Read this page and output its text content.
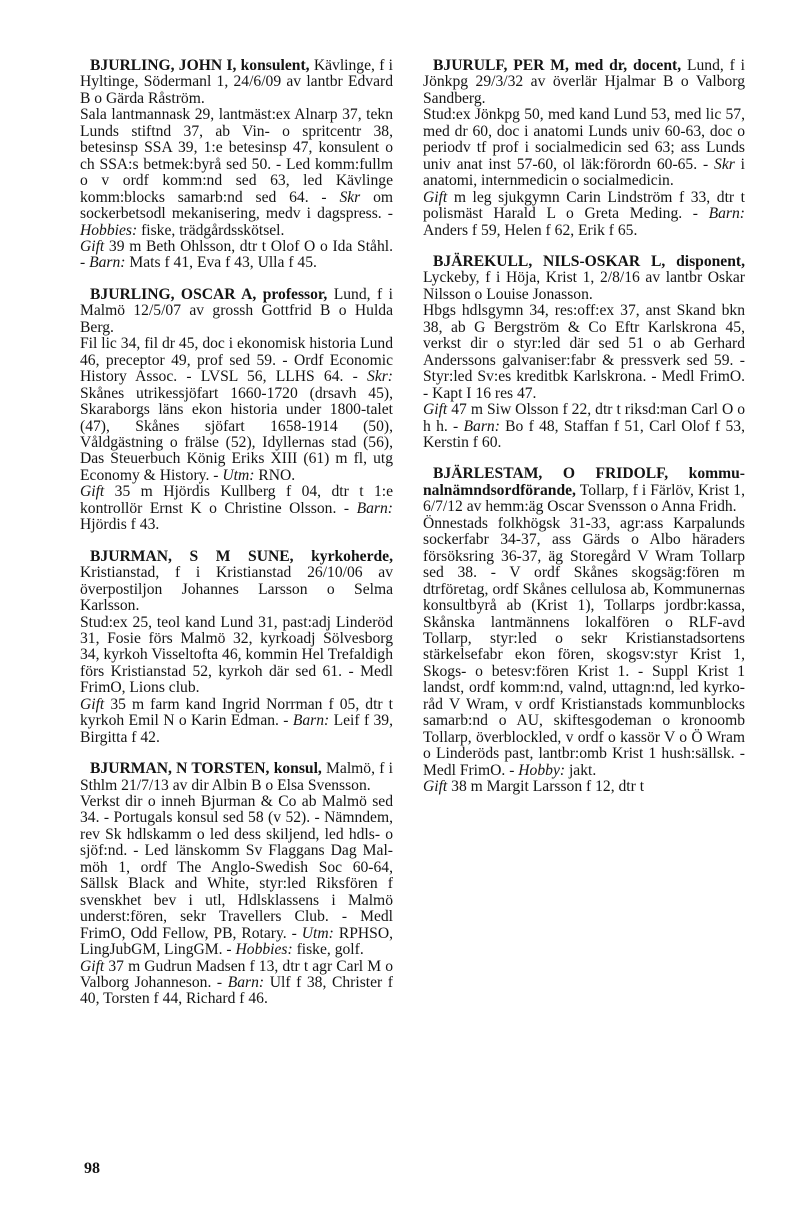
BJURLING, JOHN I, konsulent, Kävlinge, f i Hyltinge, Södermanl 1, 24/6/09 av lantbr Edvard B o Gärda Råström.

Sala lantmannask 29, lantmäst:ex Alnarp 37, tekn Lunds stiftnd 37, ab Vin- o spritcentr 38, betesinsp SSA 39, 1:e betesinsp 47, konsulent o ch SSA:s betmek:byrå sed 50. - Led komm:fullm o v ordf komm:nd sed 63, led Kävlinge komm:blocks samarb:nd sed 64. - Skr om sockerbetsodl mekanisering, medv i dagspress. - Hobbies: fiske, trädgårdsskötsel.

Gift 39 m Beth Ohlsson, dtr t Olof O o Ida Ståhl. - Barn: Mats f 41, Eva f 43, Ulla f 45.

BJURLING, OSCAR A, professor, Lund, f i Malmö 12/5/07 av grossh Gottfrid B o Hulda Berg.

Fil lic 34, fil dr 45, doc i ekonomisk historia Lund 46, preceptor 49, prof sed 59. - Ordf Economic History Assoc. - LVSL 56, LLHS 64. - Skr: Skånes utrikessjöfart 1660-1720 (drsavh 45), Skaraborgs läns ekon historia under 1800-talet (47), Skånes sjöfart 1658-1914 (50), Våldgästning o frälse (52), Idyllernas stad (56), Das Steuerbuch König Eriks XIII (61) m fl, utg Economy & History. - Utm: RNO.

Gift 35 m Hjördis Kullberg f 04, dtr t 1:e kontrollör Ernst K o Christine Olsson. - Barn: Hjördis f 43.

BJURMAN, S M SUNE, kyrkoherde, Kristianstad, f i Kristianstad 26/10/06 av överpostiljon Johannes Larsson o Selma Karlsson.

Stud:ex 25, teol kand Lund 31, past:adj Linderöd 31, Fosie förs Malmö 32, kyrkoadj Sölvesborg 34, kyrkoh Visseltofta 46, kommin Hel Trefaldigh förs Kristianstad 52, kyrkoh där sed 61. - Medl FrimO, Lions club.

Gift 35 m farm kand Ingrid Norrman f 05, dtr t kyrkoh Emil N o Karin Edman. - Barn: Leif f 39, Birgitta f 42.

BJURMAN, N TORSTEN, konsul, Malmö, f i Sthlm 21/7/13 av dir Albin B o Elsa Svensson.

Verkst dir o inneh Bjurman & Co ab Malmö sed 34. - Portugals konsul sed 58 (v 52). - Nämndem, rev Sk hdlskamm o led dess skiljend, led hdls- o sjöf:nd. - Led länskomm Sv Flaggans Dag Malmöh 1, ordf The Anglo-Swedish Soc 60-64, Sällsk Black and White, styr:led Riksfören f svenskhet bev i utl, Hdlsklassens i Malmö underst:fören, sekr Travellers Club. - Medl FrimO, Odd Fellow, PB, Rotary. - Utm: RPHSO, LingJubGM, LingGM. - Hobbies: fiske, golf.

Gift 37 m Gudrun Madsen f 13, dtr t agr Carl M o Valborg Johanneson. - Barn: Ulf f 38, Christer f 40, Torsten f 44, Richard f 46.

BJURULF, PER M, med dr, docent, Lund, f i Jönkpg 29/3/32 av överlär Hjalmar B o Valborg Sandberg.

Stud:ex Jönkpg 50, med kand Lund 53, med lic 57, med dr 60, doc i anatomi Lunds univ 60-63, doc o periodv tf prof i socialmedicin sed 63; ass Lunds univ anat inst 57-60, ol läk:förordn 60-65. - Skr i anatomi, internmedicin o socialmedicin.

Gift m leg sjukgymn Carin Lindström f 33, dtr t polismäst Harald L o Greta Meding. - Barn: Anders f 59, Helen f 62, Erik f 65.

BJÄREKULL, NILS-OSKAR L, disponent, Lyckeby, f i Höja, Krist 1, 2/8/16 av lantbr Oskar Nilsson o Louise Jonasson.

Hbgs hdlsgymn 34, res:off:ex 37, anst Skand bkn 38, ab G Bergström & Co Eftr Karlskrona 45, verkst dir o styr:led där sed 51 o ab Gerhard Anderssons galvaniser:fabr & pressverk sed 59. - Styr:led Sv:es kreditbk Karlskrona. - Medl FrimO. - Kapt I 16 res 47.

Gift 47 m Siw Olsson f 22, dtr t riksd:man Carl O o h h. - Barn: Bo f 48, Staffan f 51, Carl Olof f 53, Kerstin f 60.

BJÄRLESTAM, O FRIDOLF, kommunalnämndsordförande, Tollarp, f i Färlöv, Krist 1, 6/7/12 av hemm:äg Oscar Svensson o Anna Fridh.

Önnestads folkhögsk 31-33, agr:ass Karpalunds sockerfabr 34-37, ass Gärds o Albo häraders försöksring 36-37, äg Storegård V Wram Tollarp sed 38. - V ordf Skånes skogsäg:fören m dtrföretag, ordf Skånes cellulosa ab, Kommunernas konsultbyrå ab (Krist 1), Tollarps jordbr:kassa, Skånska lantmännens lokalfören o RLF-avd Tollarp, styr:led o sekr Kristianstadsortens stärkelsefabr ekon fören, skogsv:styr Krist 1, Skogs- o betesv:fören Krist 1. - Suppl Krist 1 landst, ordf komm:nd, valnd, uttagn:nd, led kyrkoråd V Wram, v ordf Kristianstads kommunblocks samarb:nd o AU, skiftesgodeman o kronoomb Tollarp, överblockled, v ordf o kassör V o Ö Wram o Linderöds past, lantbr:omb Krist 1 hush:sällsk. - Medl FrimO. - Hobby: jakt.

Gift 38 m Margit Larsson f 12, dtr t

98
